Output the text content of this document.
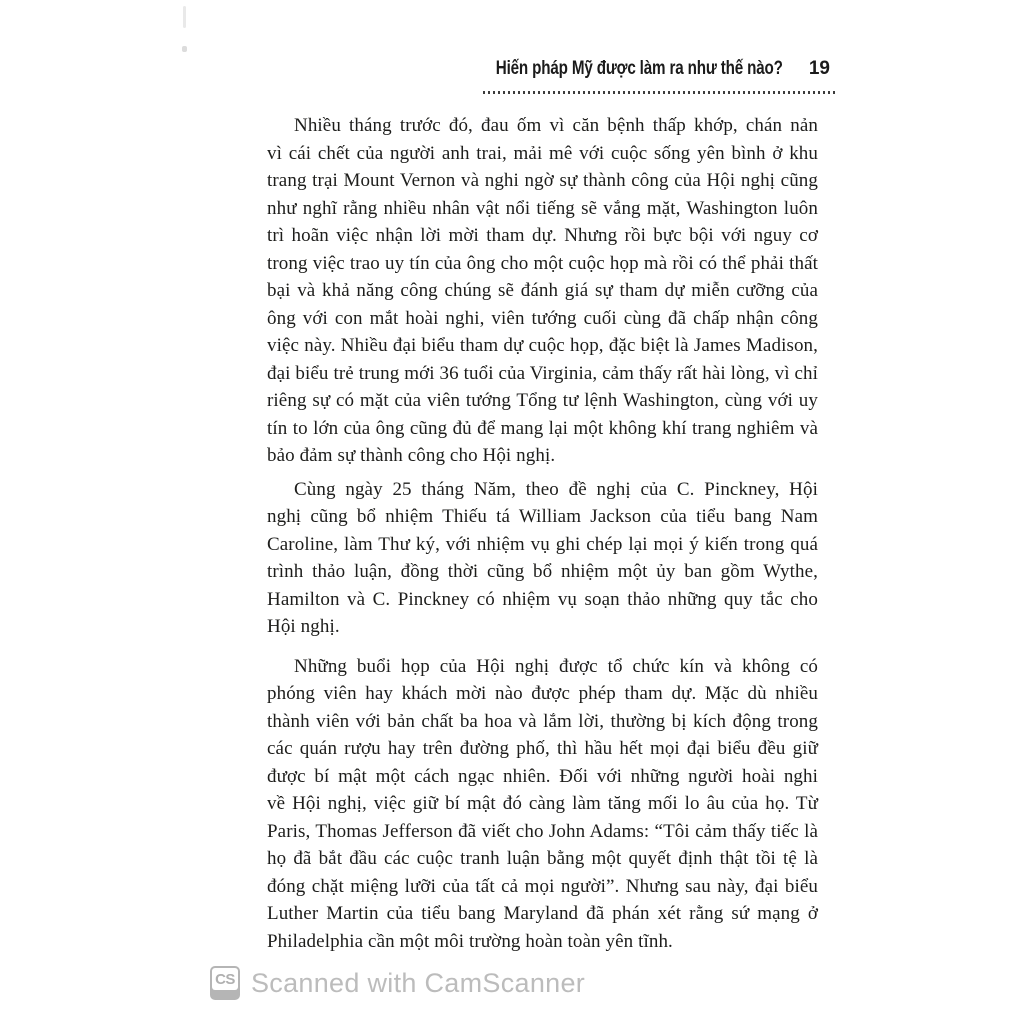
Hiến pháp Mỹ được làm ra như thế nào? 19
Nhiều tháng trước đó, đau ốm vì căn bệnh thấp khớp, chán nản
vì cái chết của người anh trai, mải mê với cuộc sống yên bình ở khu
trang trại Mount Vernon và nghi ngờ sự thành công của Hội nghị cũng
như nghĩ rằng nhiều nhân vật nổi tiếng sẽ vắng mặt, Washington luôn
trì hoãn việc nhận lời mời tham dự. Nhưng rồi bực bội với nguy cơ
trong việc trao uy tín của ông cho một cuộc họp mà rồi có thể phải thất
bại và khả năng công chúng sẽ đánh giá sự tham dự miễn cưỡng của
ông với con mắt hoài nghi, viên tướng cuối cùng đã chấp nhận công
việc này. Nhiều đại biểu tham dự cuộc họp, đặc biệt là James Madison,
đại biểu trẻ trung mới 36 tuổi của Virginia, cảm thấy rất hài lòng, vì chỉ
riêng sự có mặt của viên tướng Tổng tư lệnh Washington, cùng với uy
tín to lớn của ông cũng đủ để mang lại một không khí trang nghiêm và
bảo đảm sự thành công cho Hội nghị.
Cùng ngày 25 tháng Năm, theo đề nghị của C. Pinckney, Hội
nghị cũng bổ nhiệm Thiếu tá William Jackson của tiểu bang Nam
Caroline, làm Thư ký, với nhiệm vụ ghi chép lại mọi ý kiến trong quá
trình thảo luận, đồng thời cũng bổ nhiệm một ủy ban gồm Wythe,
Hamilton và C. Pinckney có nhiệm vụ soạn thảo những quy tắc cho
Hội nghị.
Những buổi họp của Hội nghị được tổ chức kín và không có
phóng viên hay khách mời nào được phép tham dự. Mặc dù nhiều
thành viên với bản chất ba hoa và lắm lời, thường bị kích động trong
các quán rượu hay trên đường phố, thì hầu hết mọi đại biểu đều giữ
được bí mật một cách ngạc nhiên. Đối với những người hoài nghi
về Hội nghị, việc giữ bí mật đó càng làm tăng mối lo âu của họ. Từ
Paris, Thomas Jefferson đã viết cho John Adams: “Tôi cảm thấy tiếc là
họ đã bắt đầu các cuộc tranh luận bằng một quyết định thật tồi tệ là
đóng chặt miệng lưỡi của tất cả mọi người”. Nhưng sau này, đại biểu
Luther Martin của tiểu bang Maryland đã phán xét rằng sứ mạng ở
Philadelphia cần một môi trường hoàn toàn yên tĩnh.
CS Scanned with CamScanner
